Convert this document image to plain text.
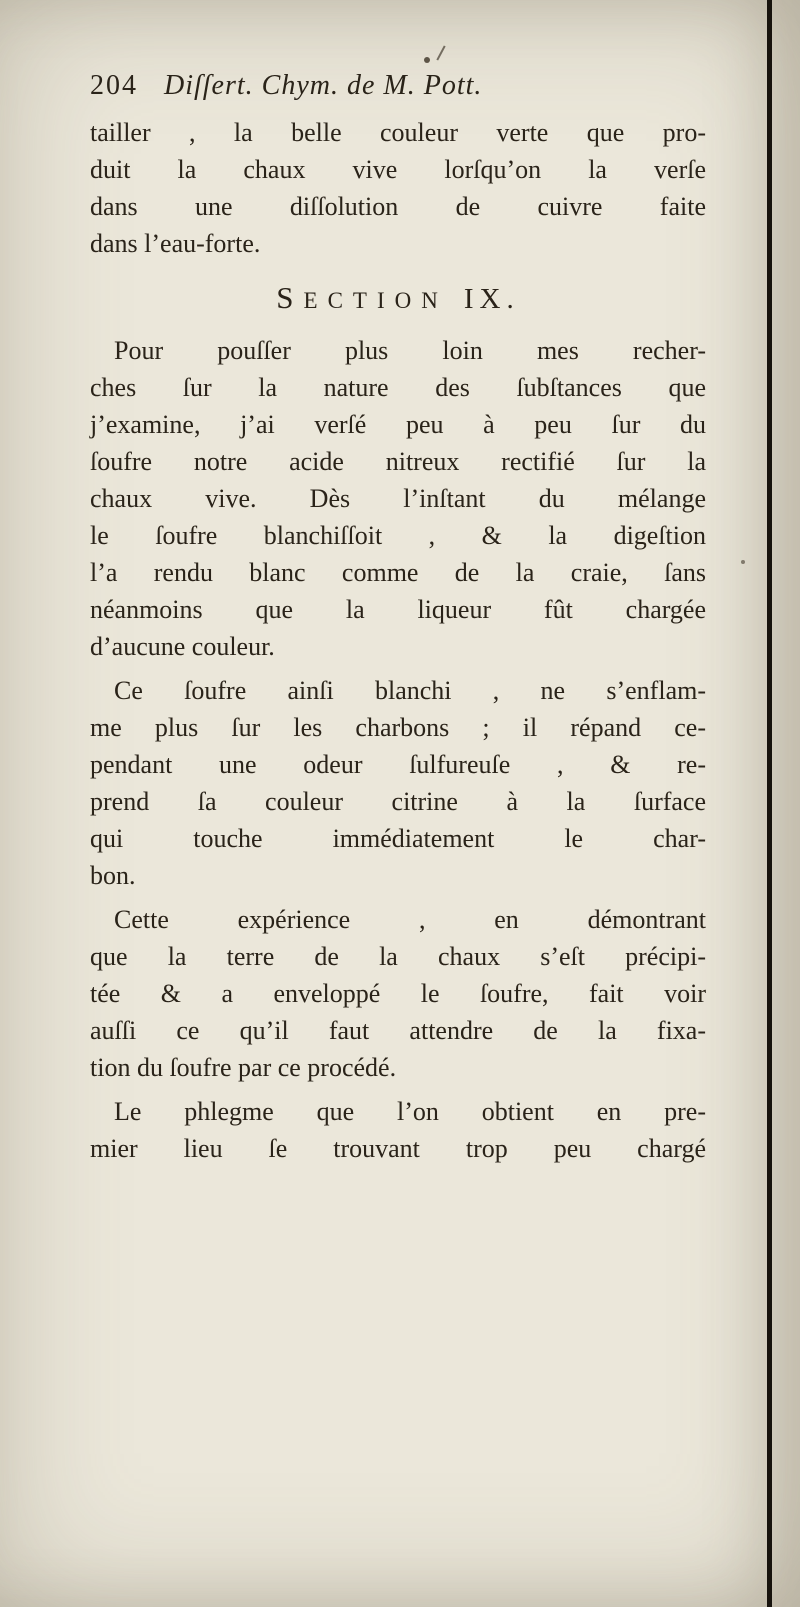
204 Diſſert. Chym. de M. Pott.
tailler , la belle couleur verte que pro-
duit la chaux vive lorſqu’on la verſe
dans une diſſolution de cuivre faite
dans l’eau-forte.
SECTION IX.
Pour pouſſer plus loin mes recher-
ches ſur la nature des ſubſtances que
j’examine, j’ai verſé peu à peu ſur du
ſoufre notre acide nitreux rectifié ſur la
chaux vive. Dès l’inſtant du mélange
le ſoufre blanchiſſoit , & la digeſtion
l’a rendu blanc comme de la craie, ſans
néanmoins que la liqueur fût chargée
d’aucune couleur.
Ce ſoufre ainſi blanchi , ne s’enflam-
me plus ſur les charbons ; il répand ce-
pendant une odeur ſulfureuſe , & re-
prend ſa couleur citrine à la ſurface
qui touche immédiatement le char-
bon.
Cette expérience , en démontrant
que la terre de la chaux s’eſt précipi-
tée & a enveloppé le ſoufre, fait voir
auſſi ce qu’il faut attendre de la fixa-
tion du ſoufre par ce procédé.
Le phlegme que l’on obtient en pre-
mier lieu ſe trouvant trop peu chargé
